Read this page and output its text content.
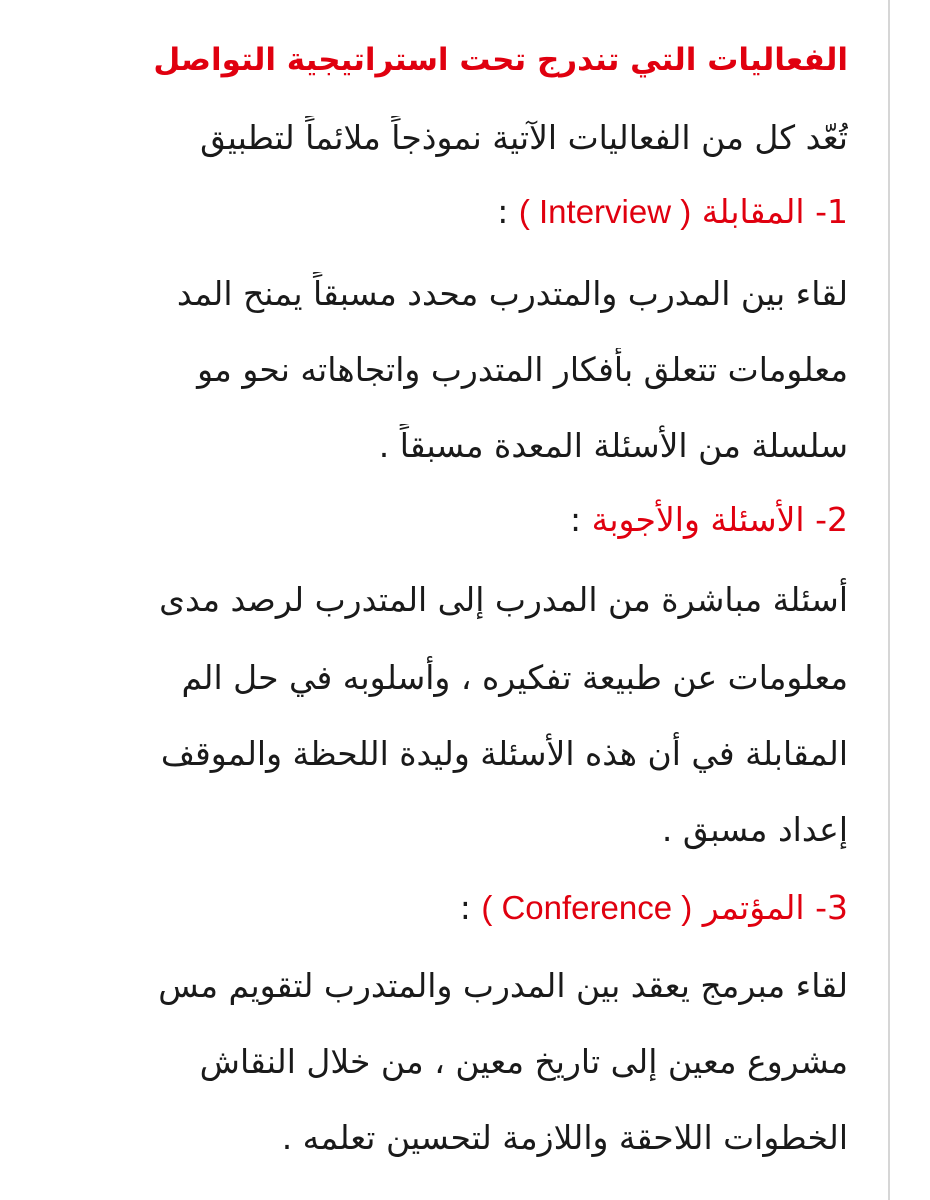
الفعاليات التي تندرج تحت استراتيجية التواصل
تُعّد كل من الفعاليات الآتية نموذجاً ملائماً لتطبيق
1- المقابلة ( Interview ) :
لقاء بين المدرب والمتدرب محدد مسبقاً يمنح المد
معلومات تتعلق بأفكار المتدرب واتجاهاته نحو مو
سلسلة من الأسئلة المعدة مسبقاً .
2- الأسئلة والأجوبة :
أسئلة مباشرة من المدرب إلى المتدرب لرصد مدى
معلومات عن طبيعة تفكيره ، وأسلوبه في حل الم
المقابلة في أن هذه الأسئلة وليدة اللحظة والموقف
إعداد مسبق .
3- المؤتمر ( Conference ) :
لقاء مبرمج يعقد بين المدرب والمتدرب لتقويم مس
مشروع معين إلى تاريخ معين ، من خلال النقاش
الخطوات اللاحقة واللازمة لتحسين تعلمه .
